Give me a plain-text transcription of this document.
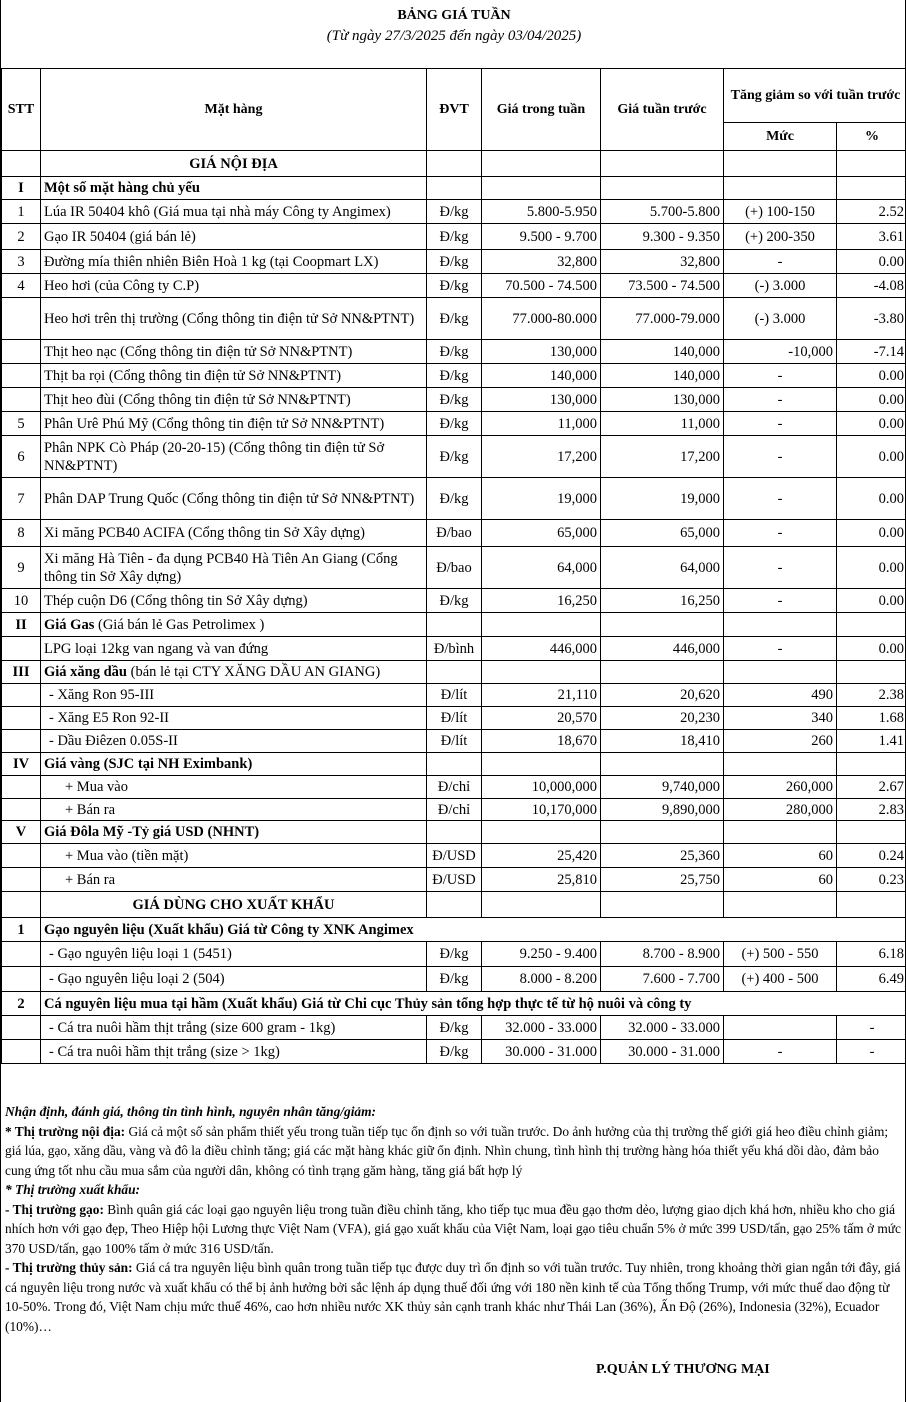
BẢNG GIÁ TUẦN
(Từ ngày 27/3/2025 đến ngày 03/04/2025)
STT	Mặt hàng	ĐVT	Giá trong tuần	Giá tuần trước	Tăng giảm so với tuần trước	
					Mức	%
	GIÁ NỘI ĐỊA					
I	Một số mặt hàng chủ yếu					
1	Lúa IR 50404 khô (Giá mua tại nhà máy Công ty Angimex)	Đ/kg	5.800-5.950	5.700-5.800	(+) 100-150	2.52
2	Gạo IR 50404 (giá bán lẻ)	Đ/kg	9.500 - 9.700	9.300 - 9.350	(+) 200-350	3.61
3	Đường mía thiên nhiên Biên Hoà 1 kg (tại Coopmart LX)	Đ/kg	32,800	32,800	-	0.00
4	Heo hơi (của Công ty C.P)	Đ/kg	70.500 - 74.500	73.500 - 74.500	(-) 3.000	-4.08
	Heo hơi trên thị trường (Cổng thông tin điện tử Sở NN&PTNT)	Đ/kg	77.000-80.000	77.000-79.000	(-) 3.000	-3.80
	Thịt heo nạc (Cổng thông tin điện tử Sở NN&PTNT)	Đ/kg	130,000	140,000	-10,000	-7.14
	Thịt ba rọi (Cổng thông tin điện tử Sở NN&PTNT)	Đ/kg	140,000	140,000	-	0.00
	Thịt heo đùi (Cổng thông tin điện tử Sở NN&PTNT)	Đ/kg	130,000	130,000	-	0.00
5	Phân Urê Phú Mỹ (Cổng thông tin điện tử Sở NN&PTNT)	Đ/kg	11,000	11,000	-	0.00
6	Phân NPK Cò Pháp (20-20-15) (Cổng thông tin điện tử Sở NN&PTNT)	Đ/kg	17,200	17,200	-	0.00
7	Phân DAP Trung Quốc (Cổng thông tin điện tử Sở NN&PTNT)	Đ/kg	19,000	19,000	-	0.00
8	Xi măng PCB40 ACIFA (Cổng thông tin Sở Xây dựng)	Đ/bao	65,000	65,000	-	0.00
9	Xi măng Hà Tiên - đa dụng PCB40 Hà Tiên An Giang (Cổng thông tin Sở Xây dựng)	Đ/bao	64,000	64,000	-	0.00
10	Thép cuộn D6 (Cổng thông tin Sở Xây dựng)	Đ/kg	16,250	16,250	-	0.00
II	Giá Gas (Giá bán lẻ Gas Petrolimex )					
	LPG loại 12kg van ngang và van đứng	Đ/bình	446,000	446,000	-	0.00
III	Giá xăng dầu (bán lẻ tại CTY XĂNG DẦU AN GIANG)					
	- Xăng Ron 95-III	Đ/lít	21,110	20,620	490	2.38
	- Xăng E5 Ron 92-II	Đ/lít	20,570	20,230	340	1.68
	- Dầu Điêzen 0.05S-II	Đ/lít	18,670	18,410	260	1.41
IV	Giá vàng (SJC tại NH Eximbank)					
	+ Mua vào	Đ/chỉ	10,000,000	9,740,000	260,000	2.67
	+ Bán ra	Đ/chỉ	10,170,000	9,890,000	280,000	2.83
V	Giá Đôla Mỹ -Tỷ giá USD (NHNT)					
	+ Mua vào (tiền mặt)	Đ/USD	25,420	25,360	60	0.24
	+ Bán ra	Đ/USD	25,810	25,750	60	0.23
	GIÁ DÙNG CHO XUẤT KHẨU					
1	Gạo nguyên liệu (Xuất khẩu) Giá từ Công ty XNK Angimex					
	- Gạo nguyên liệu loại 1 (5451)	Đ/kg	9.250 - 9.400	8.700 - 8.900	(+) 500 - 550	6.18
	- Gạo nguyên liệu loại 2 (504)	Đ/kg	8.000 - 8.200	7.600 - 7.700	(+) 400 - 500	6.49
2	Cá nguyên liệu mua tại hầm (Xuất khẩu) Giá từ Chi cục Thủy sản tổng hợp thực tế từ hộ nuôi và công ty					
	- Cá tra nuôi hầm thịt trắng (size 600 gram - 1kg)	Đ/kg	32.000 - 33.000	32.000 - 33.000		-
	- Cá tra nuôi hầm thịt trắng (size > 1kg)	Đ/kg	30.000 - 31.000	30.000 - 31.000	-	-

Nhận định, đánh giá, thông tin tình hình, nguyên nhân tăng/giảm:

* Thị trường nội địa: Giá cả một số sản phẩm thiết yếu trong tuần tiếp tục ổn định so với tuần trước. Do ảnh hưởng của thị trường thế giới giá heo điều chỉnh giảm; giá lúa, gạo, xăng dầu, vàng và đô la điều chỉnh tăng; giá các mặt hàng khác giữ ổn định. Nhìn chung, tình hình thị trường hàng hóa thiết yếu khá dồi dào, đảm bảo cung ứng tốt nhu cầu mua sắm của người dân, không có tình trạng găm hàng, tăng giá bất hợp lý

* Thị trường xuất khẩu:

- Thị trường gạo: Bình quân giá các loại gạo nguyên liệu trong tuần điều chỉnh tăng, kho tiếp tục mua đều gạo thơm dẻo, lượng giao dịch khá hơn, nhiều kho cho giá nhích hơn với gạo đẹp, Theo Hiệp hội Lương thực Việt Nam (VFA), giá gạo xuất khẩu của Việt Nam, loại gạo tiêu chuẩn 5% ở mức 399 USD/tấn, gạo 25% tấm ở mức 370 USD/tấn, gạo 100% tấm ở mức 316 USD/tấn.

- Thị trường thủy sản: Giá cá tra nguyên liệu bình quân trong tuần tiếp tục được duy trì ổn định so với tuần trước. Tuy nhiên, trong khoảng thời gian ngắn tới đây, giá cá nguyên liệu trong nước và xuất khẩu có thể bị ảnh hưởng bởi sắc lệnh áp dụng thuế đối ứng với 180 nền kinh tế của Tổng thống Trump, với mức thuế dao động từ 10-50%. Trong đó, Việt Nam chịu mức thuế 46%, cao hơn nhiều nước XK thủy sản cạnh tranh khác như Thái Lan (36%), Ấn Độ (26%), Indonesia (32%), Ecuador (10%)…

P.QUẢN LÝ THƯƠNG MẠI
